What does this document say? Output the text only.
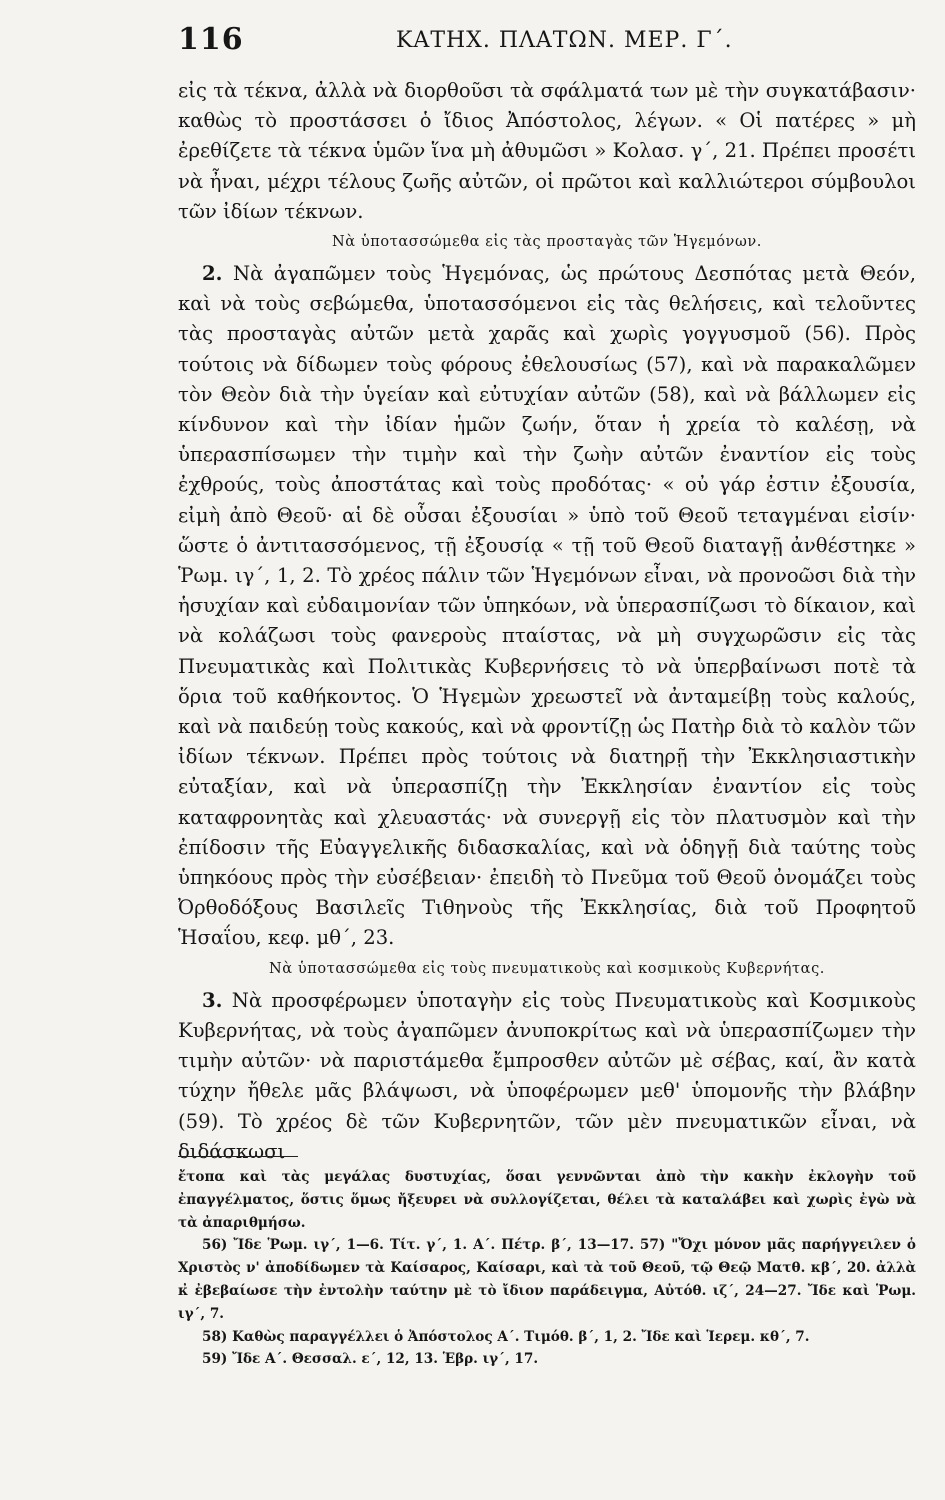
116	ΚΑΤΗΧ. ΠΛΑΤΩΝ. ΜΕΡ. Γ΄.

εἰς τὰ τέκνα, ἀλλὰ νὰ διορθοῦσι τὰ σφάλματά των μὲ τὴν συγκατάβασιν· καθὼς τὸ προστάσσει ὁ ἴδιος Ἀπόστολος, λέγων. « Οἱ πατέρες » μὴ ἐρεθίζετε τὰ τέκνα ὑμῶν ἵνα μὴ ἀθυμῶσι » Κολασ. γ΄, 21. Πρέπει προσέτι νὰ ἦναι, μέχρι τέλους ζωῆς αὐτῶν, οἱ πρῶτοι καὶ καλλιώτεροι σύμβουλοι τῶν ἰδίων τέκνων.

Νὰ ὑποτασσώμεθα εἰς τὰς προσταγὰς τῶν Ἡγεμόνων.

2. Νὰ ἀγαπῶμεν τοὺς Ἡγεμόνας, ὡς πρώτους Δεσπότας μετὰ Θεόν, καὶ νὰ τοὺς σεβώμεθα, ὑποτασσόμενοι εἰς τὰς θελήσεις, καὶ τελοῦντες τὰς προσταγὰς αὐτῶν μετὰ χαρᾶς καὶ χωρὶς γογγυσμοῦ (56). Πρὸς τούτοις νὰ δίδωμεν τοὺς φόρους ἐθελουσίως (57), καὶ νὰ παρακαλῶμεν τὸν Θεὸν διὰ τὴν ὑγείαν καὶ εὐτυχίαν αὐτῶν (58), καὶ νὰ βάλλωμεν εἰς κίνδυνον καὶ τὴν ἰδίαν ἡμῶν ζωήν, ὅταν ἡ χρεία τὸ καλέσῃ, νὰ ὑπερασπίσωμεν τὴν τιμὴν καὶ τὴν ζωὴν αὐτῶν ἐναντίον εἰς τοὺς ἐχθρούς, τοὺς ἀποστάτας καὶ τοὺς προδότας· « οὐ γάρ ἐστιν ἐξουσία, εἰμὴ ἀπὸ Θεοῦ· αἱ δὲ οὖσαι ἐξουσίαι » ὑπὸ τοῦ Θεοῦ τεταγμέναι εἰσίν· ὥστε ὁ ἀντιτασσόμενος, τῇ ἐξουσίᾳ « τῇ τοῦ Θεοῦ διαταγῇ ἀνθέστηκε » Ῥωμ. ιγ΄, 1, 2. Τὸ χρέος πάλιν τῶν Ἡγεμόνων εἶναι, νὰ προνοῶσι διὰ τὴν ἡσυχίαν καὶ εὐδαιμονίαν τῶν ὑπηκόων, νὰ ὑπερασπίζωσι τὸ δίκαιον, καὶ νὰ κολάζωσι τοὺς φανεροὺς πταίστας, νὰ μὴ συγχωρῶσιν εἰς τὰς Πνευματικὰς καὶ Πολιτικὰς Κυβερνήσεις τὸ νὰ ὑπερβαίνωσι ποτὲ τὰ ὅρια τοῦ καθήκοντος. Ὁ Ἡγεμὼν χρεωστεῖ νὰ ἀνταμείβῃ τοὺς καλούς, καὶ νὰ παιδεύῃ τοὺς κακούς, καὶ νὰ φροντίζῃ ὡς Πατὴρ διὰ τὸ καλὸν τῶν ἰδίων τέκνων. Πρέπει πρὸς τούτοις νὰ διατηρῇ τὴν Ἐκκλησιαστικὴν εὐταξίαν, καὶ νὰ ὑπερασπίζῃ τὴν Ἐκκλησίαν ἐναντίον εἰς τοὺς καταφρονητὰς καὶ χλευαστάς· νὰ συνεργῇ εἰς τὸν πλατυσμὸν καὶ τὴν ἐπίδοσιν τῆς Εὐαγγελικῆς διδασκαλίας, καὶ νὰ ὁδηγῇ διὰ ταύτης τοὺς ὑπηκόους πρὸς τὴν εὐσέβειαν· ἐπειδὴ τὸ Πνεῦμα τοῦ Θεοῦ ὀνομάζει τοὺς Ὀρθοδόξους Βασιλεῖς Τιθηνοὺς τῆς Ἐκκλησίας, διὰ τοῦ Προφητοῦ Ἡσαΐου, κεφ. μθ΄, 23.

Νὰ ὑποτασσώμεθα εἰς τοὺς πνευματικοὺς καὶ κοσμικοὺς Κυβερνήτας.

3. Νὰ προσφέρωμεν ὑποταγὴν εἰς τοὺς Πνευματικοὺς καὶ Κοσμικοὺς Κυβερνήτας, νὰ τοὺς ἀγαπῶμεν ἀνυποκρίτως καὶ νὰ ὑπερασπίζωμεν τὴν τιμὴν αὐτῶν· νὰ παριστάμεθα ἔμπροσθεν αὐτῶν μὲ σέβας, καί, ἂν κατὰ τύχην ἤθελε μᾶς βλάψωσι, νὰ ὑποφέρωμεν μεθ' ὑπομονῆς τὴν βλάβην (59). Τὸ χρέος δὲ τῶν Κυβερνητῶν, τῶν μὲν πνευματικῶν εἶναι, νὰ διδάσκωσι

ἔτοπα καὶ τὰς μεγάλας δυστυχίας, ὅσαι γεννῶνται ἀπὸ τὴν κακὴν ἐκλογὴν τοῦ ἐπαγγέλματος, ὅστις ὅμως ἤξευρει νὰ συλλογίζεται, θέλει τὰ καταλάβει καὶ χωρὶς ἐγὼ νὰ τὰ ἀπαριθμήσω.

56) Ἴδε Ῥωμ. ιγ΄, 1—6. Τίτ. γ΄, 1. Α΄. Πέτρ. β΄, 13—17. 57) "Ὄχι μόνον μᾶς παρήγγειλεν ὁ Χριστὸς ν' ἀποδίδωμεν τὰ Καίσαρος, Καίσαρι, καὶ τὰ τοῦ Θεοῦ, τῷ Θεῷ Ματθ. κβ΄, 20. ἀλλὰ κ̓ ἐβεβαίωσε τὴν ἐντολὴν ταύτην μὲ τὸ ἴδιον παράδειγμα, Αὐτόθ. ιζ΄, 24—27. Ἴδε καὶ Ῥωμ. ιγ΄, 7.

58) Καθὼς παραγγέλλει ὁ Ἀπόστολος Α΄. Τιμόθ. β΄, 1, 2. Ἴδε καὶ Ἱερεμ. κθ΄, 7.

59) Ἴδε Α΄. Θεσσαλ. ε΄, 12, 13. Ἑβρ. ιγ΄, 17.
